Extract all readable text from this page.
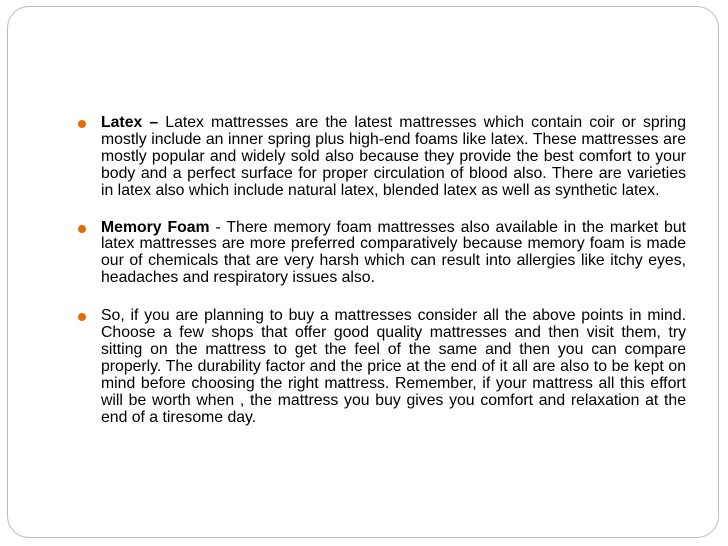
Latex – Latex mattresses are the latest mattresses which contain coir or spring mostly include an inner spring plus high-end foams like latex. These mattresses are mostly popular and widely sold also because they provide the best comfort to your body and a perfect surface for proper circulation of blood also. There are varieties in latex also which include natural latex, blended latex as well as synthetic latex.
Memory Foam - There memory foam mattresses also available in the market but latex mattresses are more preferred comparatively because memory foam is made our of chemicals that are very harsh which can result into allergies like itchy eyes, headaches and respiratory issues also.
So, if you are planning to buy a mattresses consider all the above points in mind. Choose a few shops that offer good quality mattresses and then visit them, try sitting on the mattress to get the feel of the same and then you can compare properly. The durability factor and the price at the end of it all are also to be kept on mind before choosing the right mattress. Remember, if your mattress all this effort will be worth when , the mattress you buy gives you comfort and relaxation at the end of a tiresome day.
